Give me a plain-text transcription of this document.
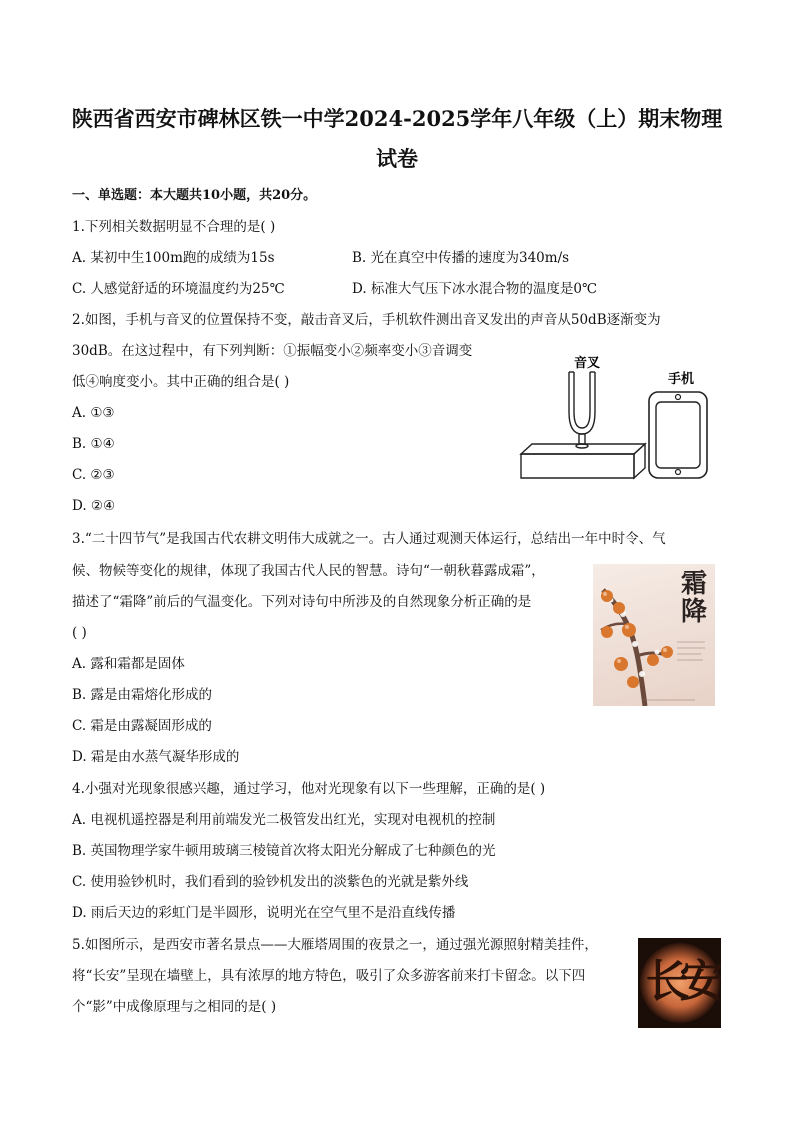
陕西省西安市碑林区铁一中学2024-2025学年八年级（上）期末物理
试卷
一、单选题：本大题共10小题，共20分。
1.下列相关数据明显不合理的是( )
A. 某初中生100m跑的成绩为15s	B. 光在真空中传播的速度为340m/s
C. 人感觉舒适的环境温度约为25℃	D. 标准大气压下冰水混合物的温度是0℃
2.如图，手机与音叉的位置保持不变，敲击音叉后，手机软件测出音叉发出的声音从50dB逐渐变为
30dB。在这过程中，有下列判断：①振幅变小②频率变小③音调变
低④响度变小。其中正确的组合是( )
A. ①③
B. ①④
C. ②③
D. ②④
音叉
手机
3.“二十四节气”是我国古代农耕文明伟大成就之一。古人通过观测天体运行，总结出一年中时令、气
候、物候等变化的规律，体现了我国古代人民的智慧。诗句“一朝秋暮露成霜”，
描述了“霜降”前后的气温变化。下列对诗句中所涉及的自然现象分析正确的是
( )
A. 露和霜都是固体
B. 露是由霜熔化形成的
C. 霜是由露凝固形成的
D. 霜是由水蒸气凝华形成的
霜降
4.小强对光现象很感兴趣，通过学习，他对光现象有以下一些理解，正确的是( )
A. 电视机遥控器是利用前端发光二极管发出红光，实现对电视机的控制
B. 英国物理学家牛顿用玻璃三棱镜首次将太阳光分解成了七种颜色的光
C. 使用验钞机时，我们看到的验钞机发出的淡紫色的光就是紫外线
D. 雨后天边的彩虹门是半圆形，说明光在空气里不是沿直线传播
5.如图所示，是西安市著名景点——大雁塔周围的夜景之一，通过强光源照射精美挂件，
将“长安”呈现在墙壁上，具有浓厚的地方特色，吸引了众多游客前来打卡留念。以下四
个“影”中成像原理与之相同的是( )	长安
